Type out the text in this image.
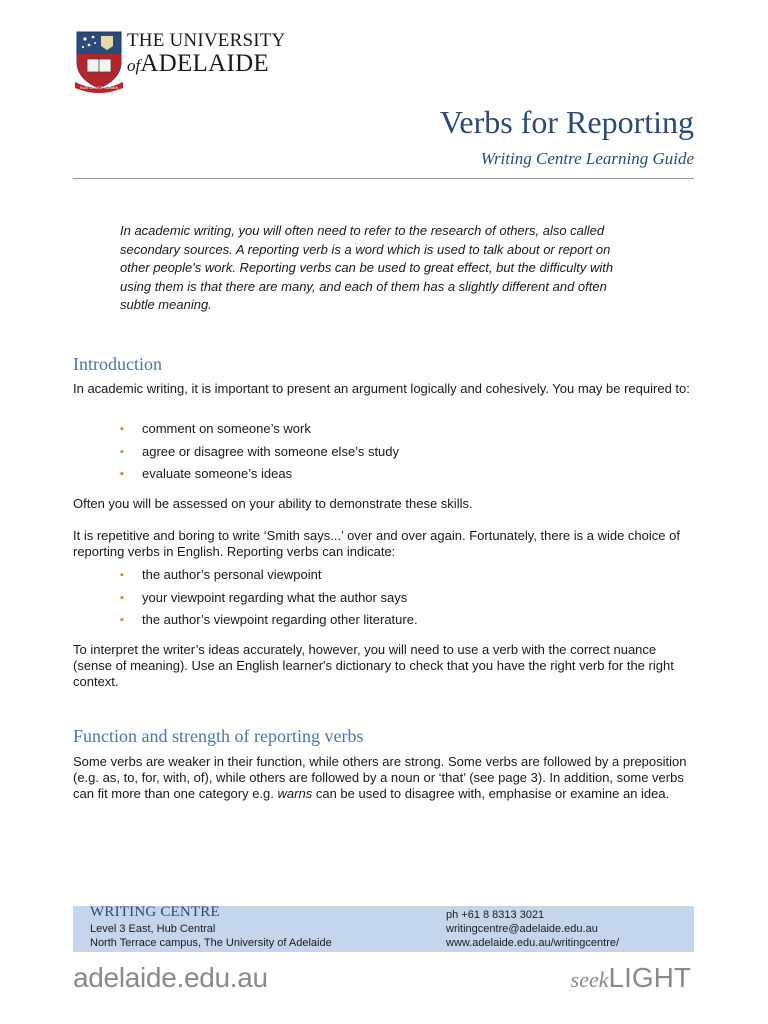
SUB CRUCE LUMEN
THE UNIVERSITY
ofADELAIDE
Verbs for Reporting
Writing Centre Learning Guide
In academic writing, you will often need to refer to the research of others, also called secondary sources. A reporting verb is a word which is used to talk about or report on other people's work. Reporting verbs can be used to great effect, but the difficulty with using them is that there are many, and each of them has a slightly different and often subtle meaning.
Introduction
In academic writing, it is important to present an argument logically and cohesively. You may be required to:
▪ comment on someone’s work
▪ agree or disagree with someone else’s study
▪ evaluate someone’s ideas
Often you will be assessed on your ability to demonstrate these skills.
It is repetitive and boring to write ‘Smith says...’ over and over again. Fortunately, there is a wide choice of reporting verbs in English. Reporting verbs can indicate:
▪ the author’s personal viewpoint
▪ your viewpoint regarding what the author says
▪ the author’s viewpoint regarding other literature.
To interpret the writer’s ideas accurately, however, you will need to use a verb with the correct nuance (sense of meaning). Use an English learner's dictionary to check that you have the right verb for the right context.
Function and strength of reporting verbs
Some verbs are weaker in their function, while others are strong. Some verbs are followed by a preposition (e.g. as, to, for, with, of), while others are followed by a noun or ‘that’ (see page 3). In addition, some verbs can fit more than one category e.g. warns can be used to disagree with, emphasise or examine an idea.
WRITING CENTRE
Level 3 East, Hub Central
North Terrace campus, The University of Adelaide
ph +61 8 8313 3021
writingcentre@adelaide.edu.au
www.adelaide.edu.au/writingcentre/
adelaide.edu.au	seekLIGHT
